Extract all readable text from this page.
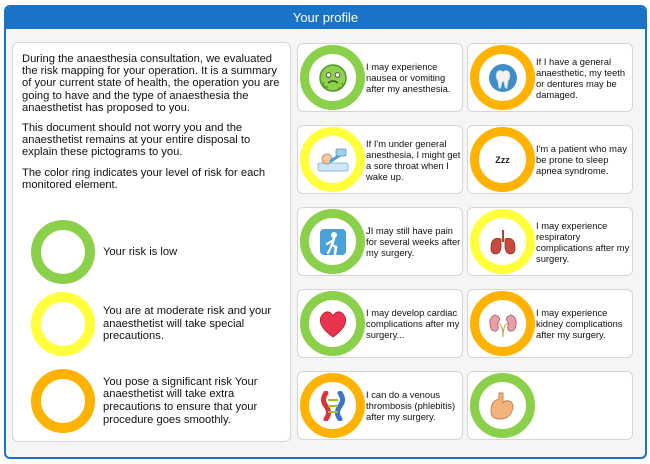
Your profile

During the anaesthesia consultation, we evaluated the risk mapping for your operation. It is a summary of your current state of health, the operation you are going to have and the type of anaesthesia the anaesthetist has proposed to you.

This document should not worry you and the anaesthetist remains at your entire disposal to explain these pictograms to you.

The color ring indicates your level of risk for each monitored element.

Your risk is low
You are at moderate risk and your anaesthetist will take special precautions.
You pose a significant risk Your anaesthetist will take extra precautions to ensure that your procedure goes smoothly.
I may experience nausea or vomiting after my anesthesia.
If I have a general anaesthetic, my teeth or dentures may be damaged.
If I'm under general anesthesia, I might get a sore throat when I wake up.
Zzz
I'm a patient who may be prone to sleep apnea syndrome.
JI may still have pain for several weeks after my surgery.
I may experience respiratory complications after my surgery.
I may develop cardiac complications after my surgery...
I may experience kidney complications after my surgery.
I can do a venous thrombosis (phlebitis) after my surgery.
